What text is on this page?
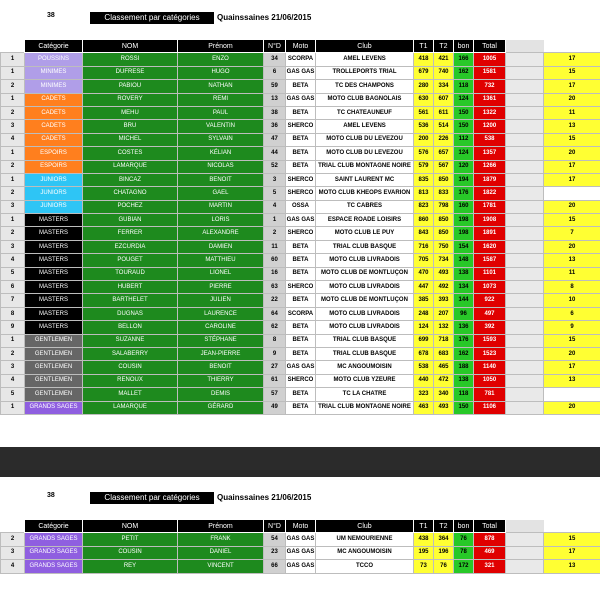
38	Classement par catégories	Quainssaines 21/06/2015
	Catégorie	NOM	Prénom	N°D	Moto	Club	T1	T2	bon	Total		
1	POUSSINS	ROSSI	ENZO	34	SCORPA	AMEL LEVENS	418	421	166	1005		17
1	MINIMES	DUFRESE	HUGO	6	GAS GAS	TROLLEPORTS TRIAL	679	740	162	1581		15
2	MINIMES	PABIOU	NATHAN	59	BETA	TC DES CHAMPONS	280	334	118	732		17
1	CADETS	ROVERY	REMI	13	GAS GAS	MOTO CLUB BAGNOLAIS	630	607	124	1361		20
2	CADETS	MEHU	PAUL	38	BETA	TC CHATEAUNEUF	561	611	150	1322		11
3	CADETS	BRU	VALENTIN	36	SHERCO	AMEL LEVENS	536	514	150	1200		13
4	CADETS	MICHEL	SYLVAIN	47	BETA	MOTO CLUB DU LEVEZOU	200	226	112	538		15
1	ESPOIRS	COSTES	KÉLIAN	44	BETA	MOTO CLUB DU LEVEZOU	576	657	124	1357		20
2	ESPOIRS	LAMARQUE	NICOLAS	52	BETA	TRIAL CLUB MONTAGNE NOIRE	579	567	120	1266		17
1	JUNIORS	BINCAZ	BENOIT	3	SHERCO	SAINT LAURENT MC	835	850	194	1879		17
2	JUNIORS	CHATAGNO	GAEL	5	SHERCO	MOTO CLUB KHEOPS EVARION	813	833	176	1822		
3	JUNIORS	POCHEZ	MARTIN	4	OSSA	TC CABRES	823	798	160	1781		20
1	MASTERS	GUBIAN	LORIS	1	GAS GAS	ESPACE ROADE LOISIRS	860	850	198	1908		15
2	MASTERS	FERRER	ALEXANDRE	2	SHERCO	MOTO CLUB LE PUY	843	850	198	1891		7
3	MASTERS	EZCURDIA	DAMIEN	11	BETA	TRIAL CLUB BASQUE	716	750	154	1620		20
4	MASTERS	POUGET	MATTHIEU	60	BETA	MOTO CLUB LIVRADOIS	705	734	148	1587		13
5	MASTERS	TOURAUD	LIONEL	16	BETA	MOTO CLUB DE MONTLUÇON	470	493	138	1101		11
6	MASTERS	HUBERT	PIERRE	63	SHERCO	MOTO CLUB LIVRADOIS	447	492	134	1073		8
7	MASTERS	BARTHELET	JULIEN	22	BETA	MOTO CLUB DE MONTLUÇON	385	393	144	922		10
8	MASTERS	DUGNAS	LAURENCE	64	SCORPA	MOTO CLUB LIVRADOIS	248	207	96	497		6
9	MASTERS	BELLON	CAROLINE	62	BETA	MOTO CLUB LIVRADOIS	124	132	136	392		9
1	GENTLEMEN	SUZANNE	STÉPHANE	8	BETA	TRIAL CLUB BASQUE	699	718	176	1593		15
2	GENTLEMEN	SALABERRY	JEAN-PIERRE	9	BETA	TRIAL CLUB BASQUE	678	683	162	1523		20
3	GENTLEMEN	COUSIN	BENOIT	27	GAS GAS	MC ANGOUMOISIN	538	465	188	1140		17
4	GENTLEMEN	RENOUX	THIERRY	61	SHERCO	MOTO CLUB YZEURE	440	472	138	1050		13
5	GENTLEMEN	MALLET	DEMIS	57	BETA	TC LA CHATRE	323	340	118	781		
1	GRANDS SAGES	LAMARQUE	GÉRARD	49	BETA	TRIAL CLUB MONTAGNE NOIRE	463	493	150	1106		20
38	Classement par catégories	Quainssaines 21/06/2015
	Catégorie	NOM	Prénom	N°D	Moto	Club	T1	T2	bon	Total		
2	GRANDS SAGES	PETIT	FRANK	54	GAS GAS	UM NEMOURIENNE	438	364	76	878		15
3	GRANDS SAGES	COUSIN	DANIEL	23	GAS GAS	MC ANGOUMOISIN	195	196	78	469		17
4	GRANDS SAGES	REY	VINCENT	66	GAS GAS	TCCO	73	76	172	321		13
